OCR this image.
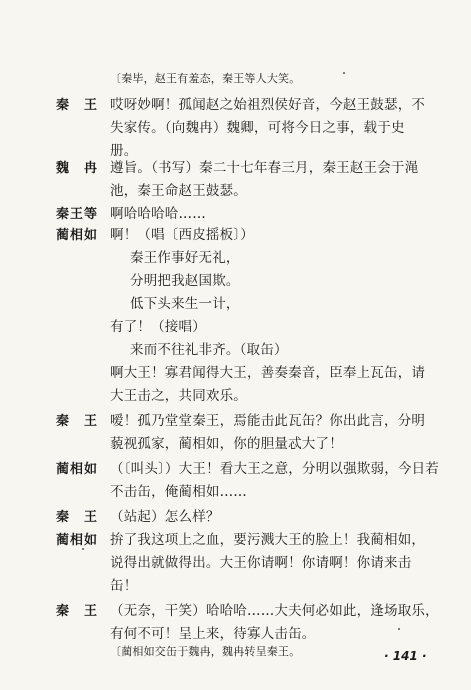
〔秦毕，赵王有羞态，秦王等人大笑。
秦　王 哎呀妙啊！孤闻赵之始祖烈侯好音，今赵王鼓瑟，不
失家传。（向魏冉）魏卿，可将今日之事，载于史
册。
魏　冉 遵旨。（书写）秦二十七年春三月，秦王赵王会于渑
池，秦王命赵王鼓瑟。
秦王等 啊哈哈哈哈……
蔺相如 啊！（唱〔西皮摇板〕）
秦王作事好无礼，
分明把我赵国欺。
低下头来生一计，
有了！（接唱）
来而不往礼非齐。（取缶）
啊大王！寡君闻得大王，善奏秦音，臣奉上瓦缶，请
大王击之，共同欢乐。
秦　王 嗳！孤乃堂堂秦王，焉能击此瓦缶？你出此言，分明
藐视孤家，蔺相如，你的胆量忒大了！
蔺相如 （〔叫头〕）大王！看大王之意，分明以强欺弱，今日若
不击缶，俺蔺相如……
秦　王 （站起）怎么样？
蔺相如 拚了我这项上之血，要污溅大王的脸上！我蔺相如，
说得出就做得出。大王你请啊！你请啊！你请来击
缶！
秦　王 （无奈，干笑）哈哈哈……大夫何必如此，逢场取乐，
有何不可！呈上来，待寡人击缶。
〔蔺相如交缶于魏冉，魏冉转呈秦王。	· 141 ·
